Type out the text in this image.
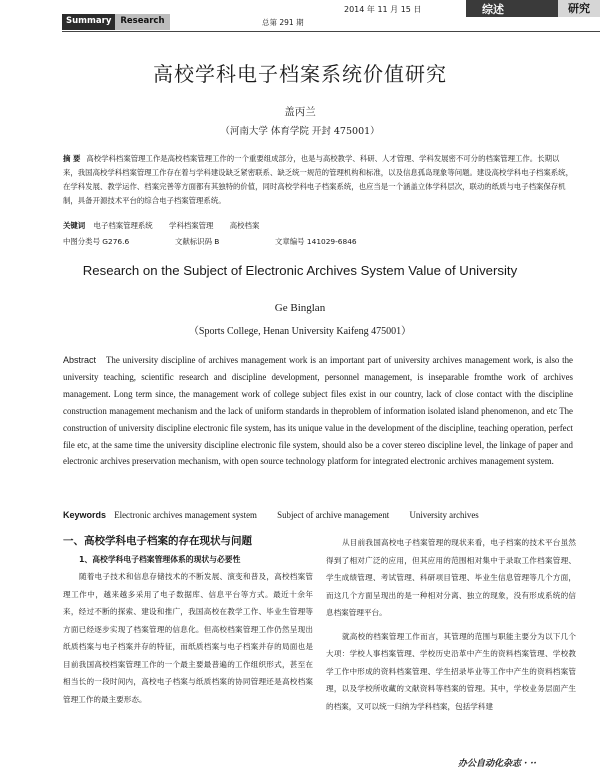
Summary	Research	总第 291 期
2014 年 11 月 15 日	综述	研究
高校学科电子档案系统价值研究
盖丙兰
（河南大学 体育学院 开封 475001）
摘 要 高校学科档案管理工作是高校档案管理工作的一个重要组成部分，也是与高校教学、科研、人才管理、学科发展密不可分的档案管理工作。长期以来，我国高校学科档案管理工作存在着与学科建设缺乏紧密联系、缺乏统一规范的管理机构和标准，以及信息孤岛现象等问题。建设高校学科电子档案系统，在学科发展、教学运作、档案完善等方面都有其独特的价值，同时高校学科电子档案系统，也应当是一个涵盖立体学科层次，联动的纸质与电子档案保存机制，具备开源技术平台的综合电子档案管理系统。
关键词 电子档案管理系统 学科档案管理 高校档案
中图分类号 G276.6	文献标识码 B	文章编号 141029-6846
Research on the Subject of Electronic Archives System Value of University
Ge Binglan
（Sports College, Henan University Kaifeng 475001）
Abstract The university discipline of archives management work is an important part of university archives management work, is also the university teaching, scientific research and discipline development, personnel management, is inseparable fromthe work of archives management. Long term since, the management work of college subject files exist in our country, lack of close contact with the discipline construction management mechanism and the lack of uniform standards in theproblem of information isolated island phenomenon, and etc The construction of university discipline electronic file system, has its unique value in the development of the discipline, teaching operation, perfect file etc, at the same time the university discipline electronic file system, should also be a cover stereo discipline level, the linkage of paper and electronic archives preservation mechanism, with open source technology platform for integrated electronic archives management system.
Keywords Electronic archives management system Subject of archive management University archives
一、高校学科电子档案的存在现状与问题
1、高校学科电子档案管理体系的现状与必要性
随着电子技术和信息存储技术的不断发展、演变和普及，高校档案管理工作中，越来越多采用了电子数据库、信息平台等方式。最近十余年来，经过不断的探索、建设和推广，我国高校在教学工作、毕业生管理等方面已经逐步实现了档案管理的信息化。但高校档案管理工作仍然呈现出纸质档案与电子档案并存的特征，而纸质档案与电子档案并存的局面也是目前我国高校档案管理工作的一个最主要最普遍的工作组织形式，甚至在相当长的一段时间内，高校电子档案与纸质档案的协同管理还是高校档案管理工作的最主要形态。
从目前我国高校电子档案管理的现状来看，电子档案的技术平台虽然得到了相对广泛的应用，但其应用的范围相对集中于录取工作档案管理、学生成绩管理、考试管理、科研项目管理、毕业生信息管理等几个方面，而这几个方面呈现出的是一种相对分离、独立的现象，没有形成系统的信息档案管理平台。
就高校的档案管理工作而言，其管理的范围与职能主要分为以下几个大项：学校人事档案管理、学校历史沿革中产生的资料档案管理、学校教学工作中形成的资料档案管理、学生招录毕业等工作中产生的资料档案管理，以及学校所收藏的文献资料等档案的管理。其中，学校业务层面产生的档案，又可以统一归纳为学科档案，包括学科建
办公自动化杂志 · ··
